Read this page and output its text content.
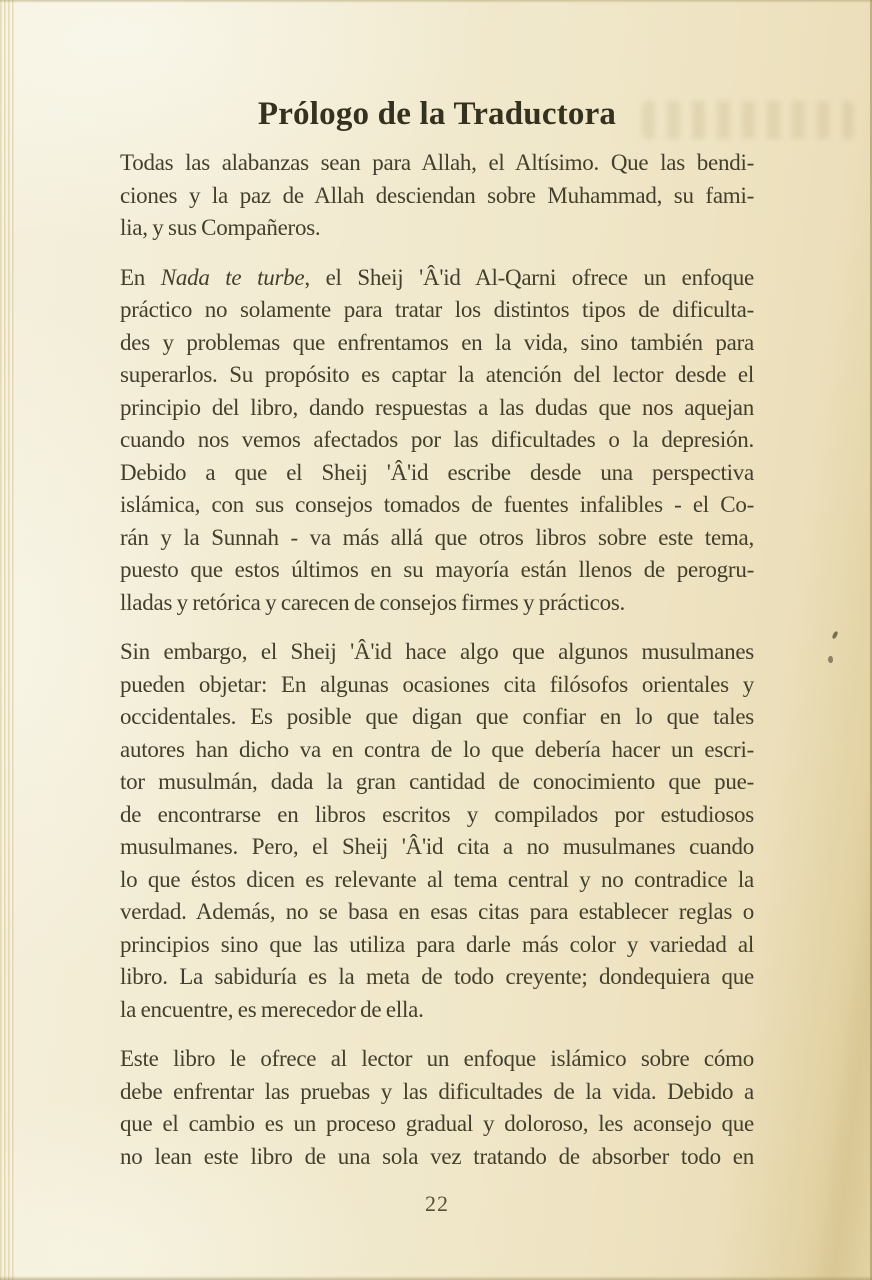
Prólogo de la Traductora
Todas las alabanzas sean para Allah, el Altísimo. Que las bendi-
ciones y la paz de Allah desciendan sobre Muhammad, su fami-
lia, y sus Compañeros.
En Nada te turbe, el Sheij 'Â'id Al-Qarni ofrece un enfoque
práctico no solamente para tratar los distintos tipos de dificulta-
des y problemas que enfrentamos en la vida, sino también para
superarlos. Su propósito es captar la atención del lector desde el
principio del libro, dando respuestas a las dudas que nos aquejan
cuando nos vemos afectados por las dificultades o la depresión.
Debido a que el Sheij 'Â'id escribe desde una perspectiva
islámica, con sus consejos tomados de fuentes infalibles - el Co-
rán y la Sunnah - va más allá que otros libros sobre este tema,
puesto que estos últimos en su mayoría están llenos de perogru-
lladas y retórica y carecen de consejos firmes y prácticos.
Sin embargo, el Sheij 'Â'id hace algo que algunos musulmanes
pueden objetar: En algunas ocasiones cita filósofos orientales y
occidentales. Es posible que digan que confiar en lo que tales
autores han dicho va en contra de lo que debería hacer un escri-
tor musulmán, dada la gran cantidad de conocimiento que pue-
de encontrarse en libros escritos y compilados por estudiosos
musulmanes. Pero, el Sheij 'Â'id cita a no musulmanes cuando
lo que éstos dicen es relevante al tema central y no contradice la
verdad. Además, no se basa en esas citas para establecer reglas o
principios sino que las utiliza para darle más color y variedad al
libro. La sabiduría es la meta de todo creyente; dondequiera que
la encuentre, es merecedor de ella.
Este libro le ofrece al lector un enfoque islámico sobre cómo
debe enfrentar las pruebas y las dificultades de la vida. Debido a
que el cambio es un proceso gradual y doloroso, les aconsejo que
no lean este libro de una sola vez tratando de absorber todo en
22
